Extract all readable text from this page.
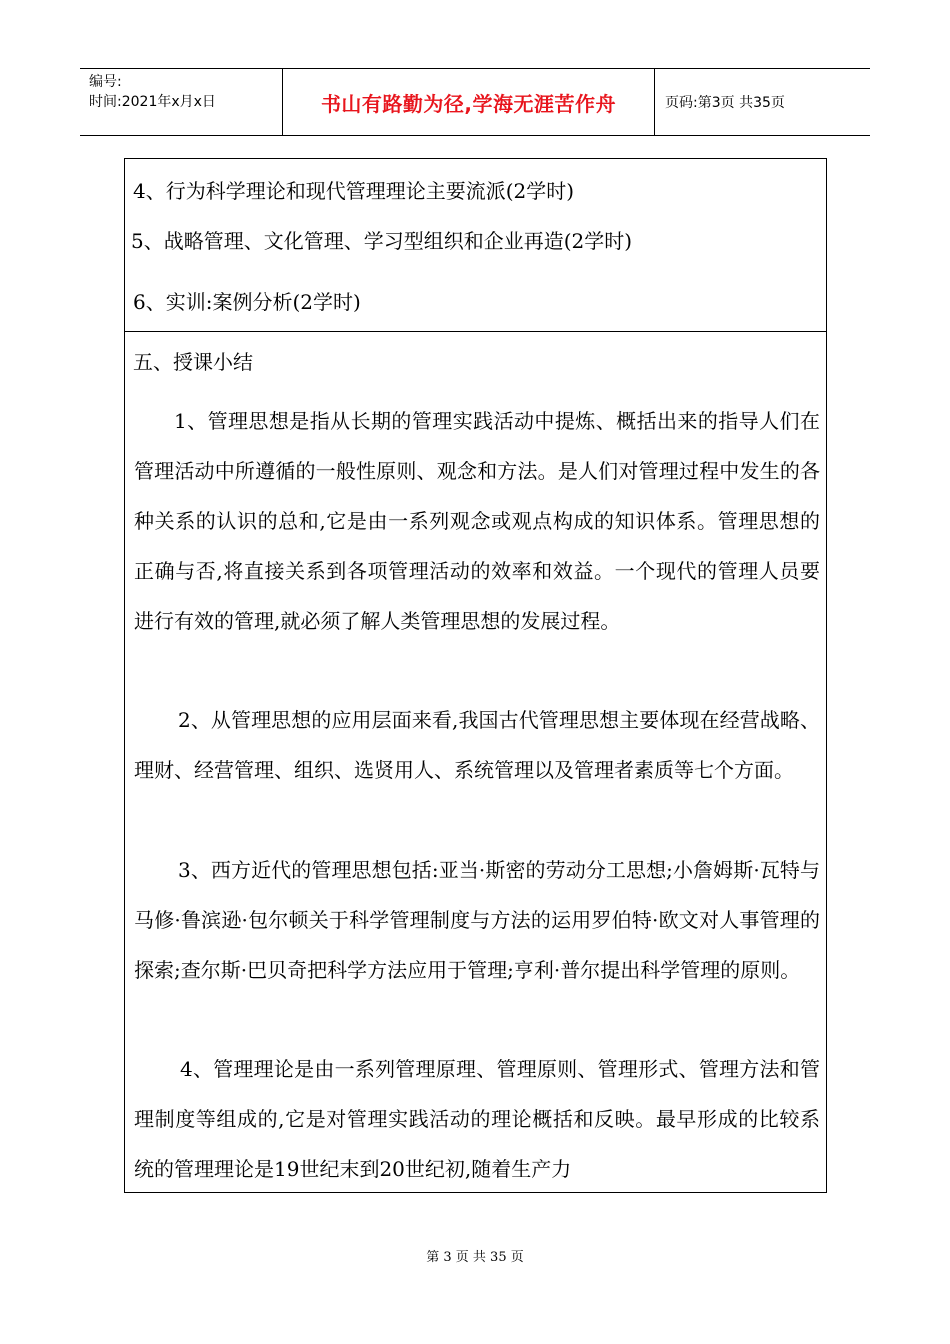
编号:
时间:2021年x月x日	书山有路勤为径,学海无涯苦作舟	页码:第3页 共35页
4、行为科学理论和现代管理理论主要流派(2学时)
5、战略管理、文化管理、学习型组织和企业再造(2学时)
6、实训:案例分析(2学时)
五、授课小结
1、管理思想是指从长期的管理实践活动中提炼、概括出来的指导人们在管理活动中所遵循的一般性原则、观念和方法。是人们对管理过程中发生的各种关系的认识的总和,它是由一系列观念或观点构成的知识体系。管理思想的正确与否,将直接关系到各项管理活动的效率和效益。一个现代的管理人员要进行有效的管理,就必须了解人类管理思想的发展过程。
2、从管理思想的应用层面来看,我国古代管理思想主要体现在经营战略、理财、经营管理、组织、选贤用人、系统管理以及管理者素质等七个方面。
3、西方近代的管理思想包括:亚当·斯密的劳动分工思想;小詹姆斯·瓦特与马修·鲁滨逊·包尔顿关于科学管理制度与方法的运用罗伯特·欧文对人事管理的探索;查尔斯·巴贝奇把科学方法应用于管理;亨利·普尔提出科学管理的原则。
4、管理理论是由一系列管理原理、管理原则、管理形式、管理方法和管理制度等组成的,它是对管理实践活动的理论概括和反映。最早形成的比较系统的管理理论是19世纪末到20世纪初,随着生产力
第 3 页 共 35 页
